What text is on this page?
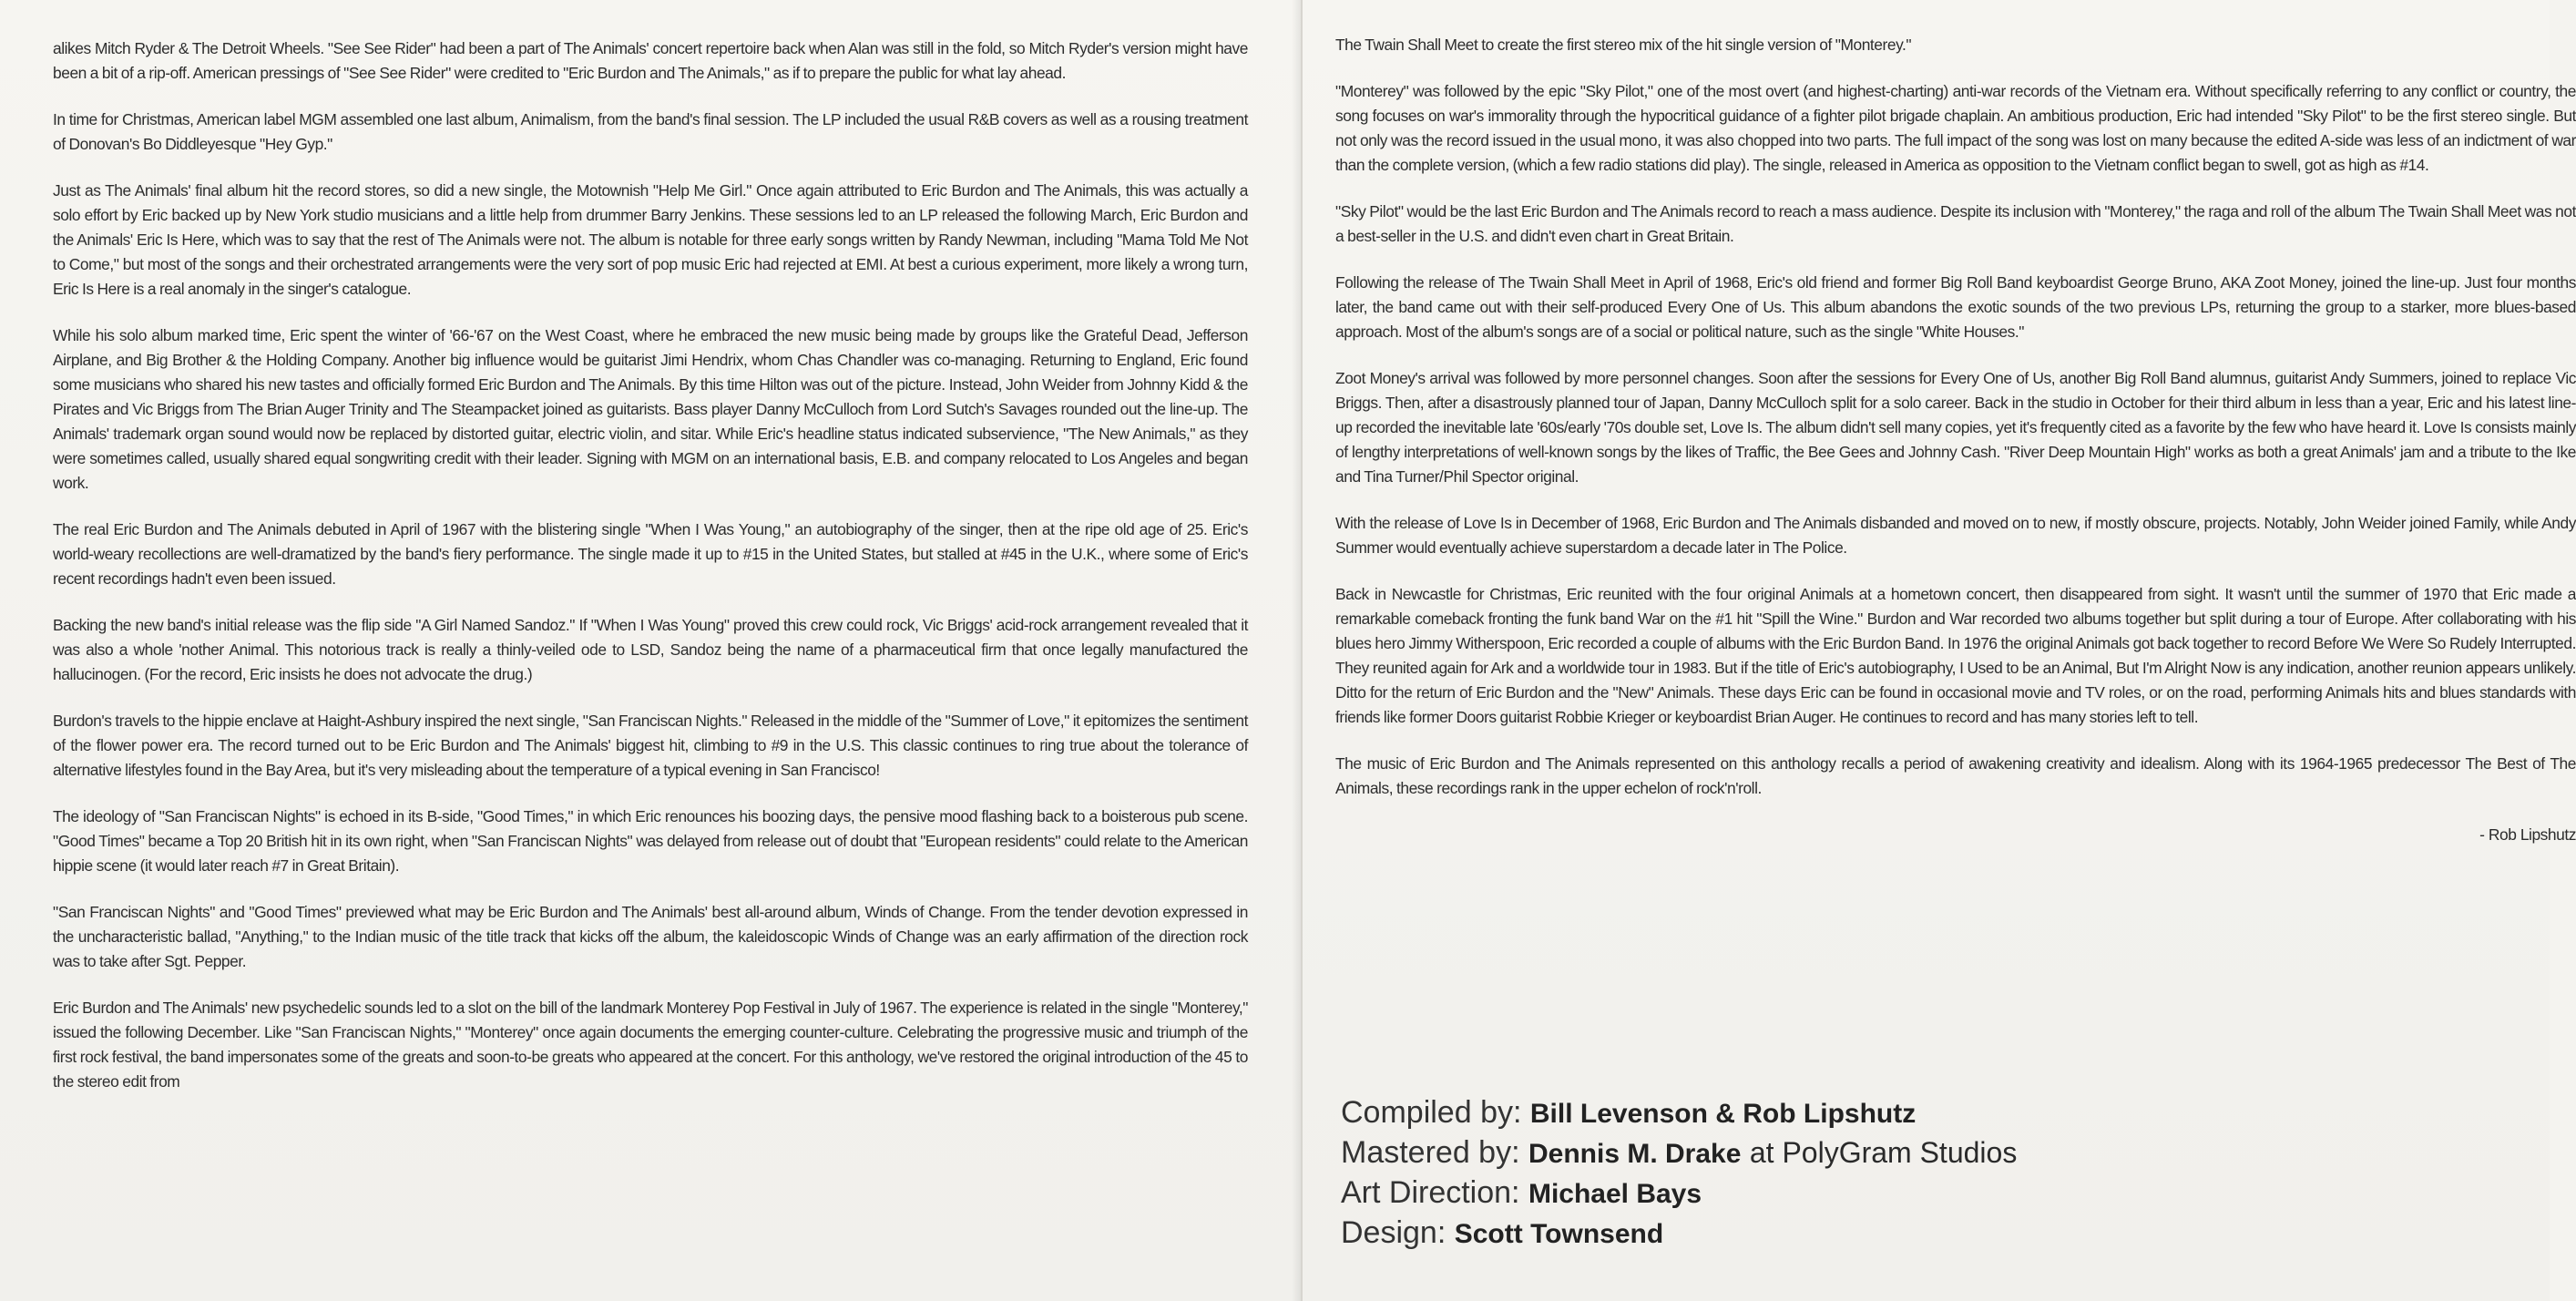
alikes Mitch Ryder & The Detroit Wheels. "See See Rider" had been a part of The Animals' concert repertoire back when Alan was still in the fold, so Mitch Ryder's version might have been a bit of a rip-off. American pressings of "See See Rider" were credited to "Eric Burdon and The Animals," as if to prepare the public for what lay ahead.

In time for Christmas, American label MGM assembled one last album, Animalism, from the band's final session. The LP included the usual R&B covers as well as a rousing treatment of Donovan's Bo Diddleyesque "Hey Gyp."

Just as The Animals' final album hit the record stores, so did a new single, the Motownish "Help Me Girl." Once again attributed to Eric Burdon and The Animals, this was actually a solo effort by Eric backed up by New York studio musicians and a little help from drummer Barry Jenkins. These sessions led to an LP released the following March, Eric Burdon and the Animals' Eric Is Here, which was to say that the rest of The Animals were not. The album is notable for three early songs written by Randy Newman, including "Mama Told Me Not to Come," but most of the songs and their orchestrated arrangements were the very sort of pop music Eric had rejected at EMI. At best a curious experiment, more likely a wrong turn, Eric Is Here is a real anomaly in the singer's catalogue.

While his solo album marked time, Eric spent the winter of '66-'67 on the West Coast, where he embraced the new music being made by groups like the Grateful Dead, Jefferson Airplane, and Big Brother & the Holding Company. Another big influence would be guitarist Jimi Hendrix, whom Chas Chandler was co-managing. Returning to England, Eric found some musicians who shared his new tastes and officially formed Eric Burdon and The Animals. By this time Hilton was out of the picture. Instead, John Weider from Johnny Kidd & the Pirates and Vic Briggs from The Brian Auger Trinity and The Steampacket joined as guitarists. Bass player Danny McCulloch from Lord Sutch's Savages rounded out the line-up. The Animals' trademark organ sound would now be replaced by distorted guitar, electric violin, and sitar. While Eric's headline status indicated subservience, "The New Animals," as they were sometimes called, usually shared equal songwriting credit with their leader. Signing with MGM on an international basis, E.B. and company relocated to Los Angeles and began work.

The real Eric Burdon and The Animals debuted in April of 1967 with the blistering single "When I Was Young," an autobiography of the singer, then at the ripe old age of 25. Eric's world-weary recollections are well-dramatized by the band's fiery performance. The single made it up to #15 in the United States, but stalled at #45 in the U.K., where some of Eric's recent recordings hadn't even been issued.

Backing the new band's initial release was the flip side "A Girl Named Sandoz." If "When I Was Young" proved this crew could rock, Vic Briggs' acid-rock arrangement revealed that it was also a whole 'nother Animal. This notorious track is really a thinly-veiled ode to LSD, Sandoz being the name of a pharmaceutical firm that once legally manufactured the hallucinogen. (For the record, Eric insists he does not advocate the drug.)

Burdon's travels to the hippie enclave at Haight-Ashbury inspired the next single, "San Franciscan Nights." Released in the middle of the "Summer of Love," it epitomizes the sentiment of the flower power era. The record turned out to be Eric Burdon and The Animals' biggest hit, climbing to #9 in the U.S. This classic continues to ring true about the tolerance of alternative lifestyles found in the Bay Area, but it's very misleading about the temperature of a typical evening in San Francisco!

The ideology of "San Franciscan Nights" is echoed in its B-side, "Good Times," in which Eric renounces his boozing days, the pensive mood flashing back to a boisterous pub scene. "Good Times" became a Top 20 British hit in its own right, when "San Franciscan Nights" was delayed from release out of doubt that "European residents" could relate to the American hippie scene (it would later reach #7 in Great Britain).

"San Franciscan Nights" and "Good Times" previewed what may be Eric Burdon and The Animals' best all-around album, Winds of Change. From the tender devotion expressed in the uncharacteristic ballad, "Anything," to the Indian music of the title track that kicks off the album, the kaleidoscopic Winds of Change was an early affirmation of the direction rock was to take after Sgt. Pepper.

Eric Burdon and The Animals' new psychedelic sounds led to a slot on the bill of the landmark Monterey Pop Festival in July of 1967. The experience is related in the single "Monterey," issued the following December. Like "San Franciscan Nights," "Monterey" once again documents the emerging counter-culture. Celebrating the progressive music and triumph of the first rock festival, the band impersonates some of the greats and soon-to-be greats who appeared at the concert. For this anthology, we've restored the original introduction of the 45 to the stereo edit from

The Twain Shall Meet to create the first stereo mix of the hit single version of "Monterey."

"Monterey" was followed by the epic "Sky Pilot," one of the most overt (and highest-charting) anti-war records of the Vietnam era. Without specifically referring to any conflict or country, the song focuses on war's immorality through the hypocritical guidance of a fighter pilot brigade chaplain. An ambitious production, Eric had intended "Sky Pilot" to be the first stereo single. But not only was the record issued in the usual mono, it was also chopped into two parts. The full impact of the song was lost on many because the edited A-side was less of an indictment of war than the complete version, (which a few radio stations did play). The single, released in America as opposition to the Vietnam conflict began to swell, got as high as #14.

"Sky Pilot" would be the last Eric Burdon and The Animals record to reach a mass audience. Despite its inclusion with "Monterey," the raga and roll of the album The Twain Shall Meet was not a best-seller in the U.S. and didn't even chart in Great Britain.

Following the release of The Twain Shall Meet in April of 1968, Eric's old friend and former Big Roll Band keyboardist George Bruno, AKA Zoot Money, joined the line-up. Just four months later, the band came out with their self-produced Every One of Us. This album abandons the exotic sounds of the two previous LPs, returning the group to a starker, more blues-based approach. Most of the album's songs are of a social or political nature, such as the single "White Houses."

Zoot Money's arrival was followed by more personnel changes. Soon after the sessions for Every One of Us, another Big Roll Band alumnus, guitarist Andy Summers, joined to replace Vic Briggs. Then, after a disastrously planned tour of Japan, Danny McCulloch split for a solo career. Back in the studio in October for their third album in less than a year, Eric and his latest line-up recorded the inevitable late '60s/early '70s double set, Love Is. The album didn't sell many copies, yet it's frequently cited as a favorite by the few who have heard it. Love Is consists mainly of lengthy interpretations of well-known songs by the likes of Traffic, the Bee Gees and Johnny Cash. "River Deep Mountain High" works as both a great Animals' jam and a tribute to the Ike and Tina Turner/Phil Spector original.

With the release of Love Is in December of 1968, Eric Burdon and The Animals disbanded and moved on to new, if mostly obscure, projects. Notably, John Weider joined Family, while Andy Summer would eventually achieve superstardom a decade later in The Police.

Back in Newcastle for Christmas, Eric reunited with the four original Animals at a hometown concert, then disappeared from sight. It wasn't until the summer of 1970 that Eric made a remarkable comeback fronting the funk band War on the #1 hit "Spill the Wine." Burdon and War recorded two albums together but split during a tour of Europe. After collaborating with his blues hero Jimmy Witherspoon, Eric recorded a couple of albums with the Eric Burdon Band. In 1976 the original Animals got back together to record Before We Were So Rudely Interrupted. They reunited again for Ark and a worldwide tour in 1983. But if the title of Eric's autobiography, I Used to be an Animal, But I'm Alright Now is any indication, another reunion appears unlikely. Ditto for the return of Eric Burdon and the "New" Animals. These days Eric can be found in occasional movie and TV roles, or on the road, performing Animals hits and blues standards with friends like former Doors guitarist Robbie Krieger or keyboardist Brian Auger. He continues to record and has many stories left to tell.

The music of Eric Burdon and The Animals represented on this anthology recalls a period of awakening creativity and idealism. Along with its 1964-1965 predecessor The Best of The Animals, these recordings rank in the upper echelon of rock'n'roll.

- Rob Lipshutz

Compiled by: Bill Levenson & Rob Lipshutz
Mastered by: Dennis M. Drake at PolyGram Studios
Art Direction: Michael Bays
Design: Scott Townsend
